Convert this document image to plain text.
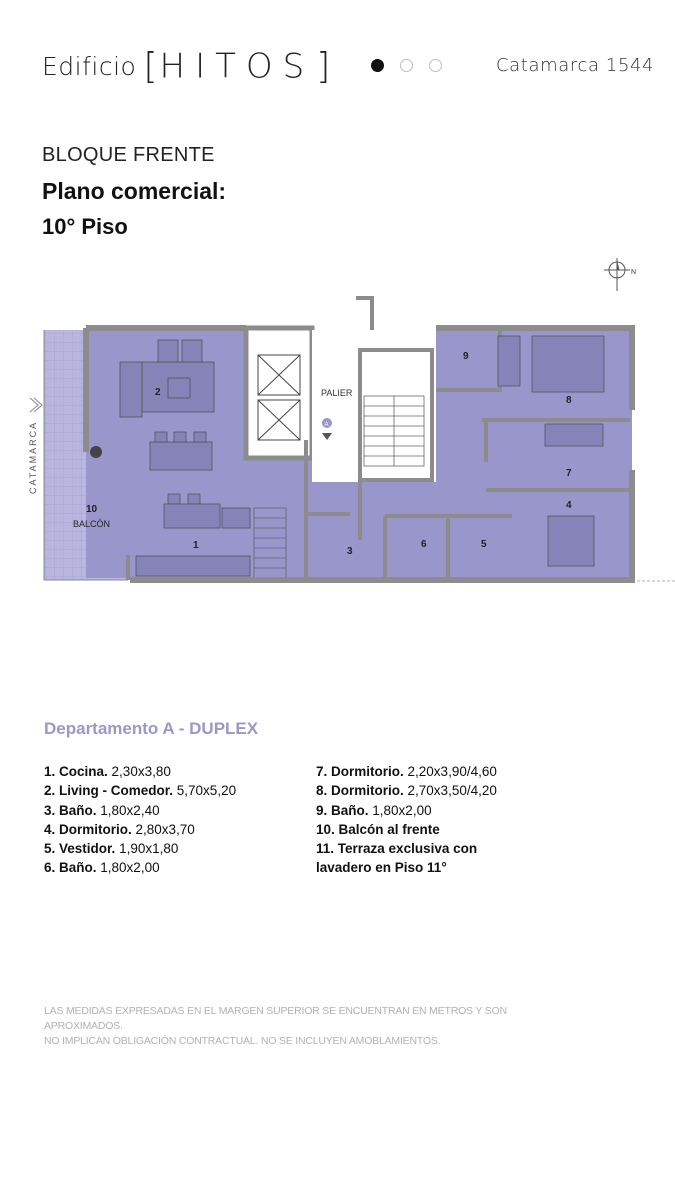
Edificio [HITOS]	Catamarca 1544
BLOQUE FRENTE
Plano comercial:
10° Piso
N
CATAMARCA
1
2
3
4
5
6
7
8
9
10
BALCÓN
PALIER
A
Departamento A - DUPLEX
1. Cocina. 2,30x3,80
2. Living - Comedor. 5,70x5,20
3. Baño. 1,80x2,40
4. Dormitorio. 2,80x3,70
5. Vestidor. 1,90x1,80
6. Baño. 1,80x2,00
7. Dormitorio. 2,20x3,90/4,60
8. Dormitorio. 2,70x3,50/4,20
9. Baño. 1,80x2,00
10. Balcón al frente
11. Terraza exclusiva con
lavadero en Piso 11°
LAS MEDIDAS EXPRESADAS EN EL MARGEN SUPERIOR SE ENCUENTRAN EN METROS Y SON APROXIMADOS.
NO IMPLICAN OBLIGACIÓN CONTRACTUAL. NO SE INCLUYEN AMOBLAMIENTOS.
